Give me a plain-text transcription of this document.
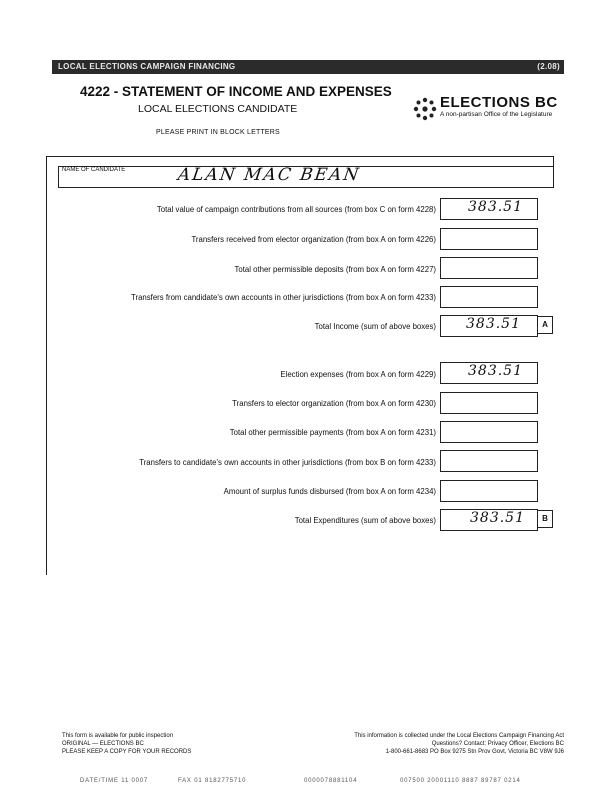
LOCAL ELECTIONS CAMPAIGN FINANCING	(2.08)
4222 - STATEMENT OF INCOME AND EXPENSES
LOCAL ELECTIONS CANDIDATE
PLEASE PRINT IN BLOCK LETTERS
ELECTIONS BC
A non-partisan Office of the Legislature
NAME OF CANDIDATE	ALAN MAC BEAN
Total value of campaign contributions from all sources (from box C on form 4228) 383.51
Transfers received from elector organization (from box A on form 4226)
Total other permissible deposits (from box A on form 4227)
Transfers from candidate's own accounts in other jurisdictions (from box A on form 4233)
Total Income (sum of above boxes) 383.51	A
Election expenses (from box A on form 4229) 383.51
Transfers to elector organization (from box A on form 4230)
Total other permissible payments (from box A on form 4231)
Transfers to candidate's own accounts in other jurisdictions (from box B on form 4233)
Amount of surplus funds disbursed (from box A on form 4234)
Total Expenditures (sum of above boxes) 383.51	B
This form is available for public inspection
ORIGINAL — ELECTIONS BC
PLEASE KEEP A COPY FOR YOUR RECORDS
This information is collected under the Local Elections Campaign Financing Act
Questions? Contact: Privacy Officer, Elections BC
1-800-661-8683 PO Box 9275 Stn Prov Govt, Victoria BC V8W 9J6
DATE/TIME 11 0007	FAX 01 8182775710	0000078881104	007500 20001110 8887 89787 0214
